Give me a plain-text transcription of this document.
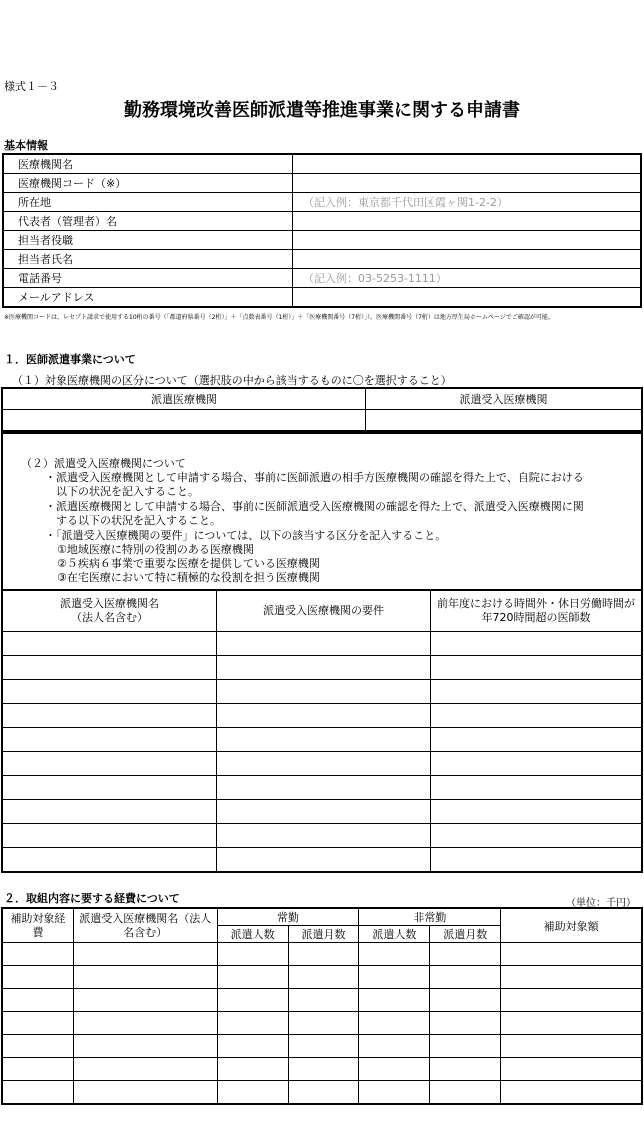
様式１－３
勤務環境改善医師派遣等推進事業に関する申請書
基本情報
医療機関名	
医療機関コード（※）	
所在地	（記入例：東京都千代田区霞ヶ関1-2-2）
代表者（管理者）名	
担当者役職	
担当者氏名	
電話番号	（記入例：03-5253-1111）
メールアドレス	
※医療機関コードは、レセプト請求で使用する10桁の番号（「都道府県番号（2桁）」＋「点数表番号（1桁）」＋「医療機関番号（7桁）」）。医療機関番号（7桁）は地方厚生局ホームページでご確認が可能。
１．医師派遣事業について
（１）対象医療機関の区分について（選択肢の中から該当するものに〇を選択すること）
派遣医療機関	派遣受入医療機関

（２）派遣受入医療機関について
・派遣受入医療機関として申請する場合、事前に医師派遣の相手方医療機関の確認を得た上で、自院における以下の状況を記入すること。
・派遣医療機関として申請する場合、事前に医師派遣受入医療機関の確認を得た上で、派遣受入医療機関に関する以下の状況を記入すること。
・「派遣受入医療機関の要件」については、以下の該当する区分を記入すること。
①地域医療に特別の役割のある医療機関
②５疾病６事業で重要な医療を提供している医療機関
③在宅医療において特に積極的な役割を担う医療機関
派遣受入医療機関名
（法人名含む）	派遣受入医療機関の要件	前年度における時間外・休日労働時間が年720時間超の医師数

２．取組内容に要する経費について	（単位：千円）
補助対象経費	派遣受入医療機関名（法人名含む）	常勤		非常勤		補助対象額
		派遣人数	派遣月数	派遣人数	派遣月数	
